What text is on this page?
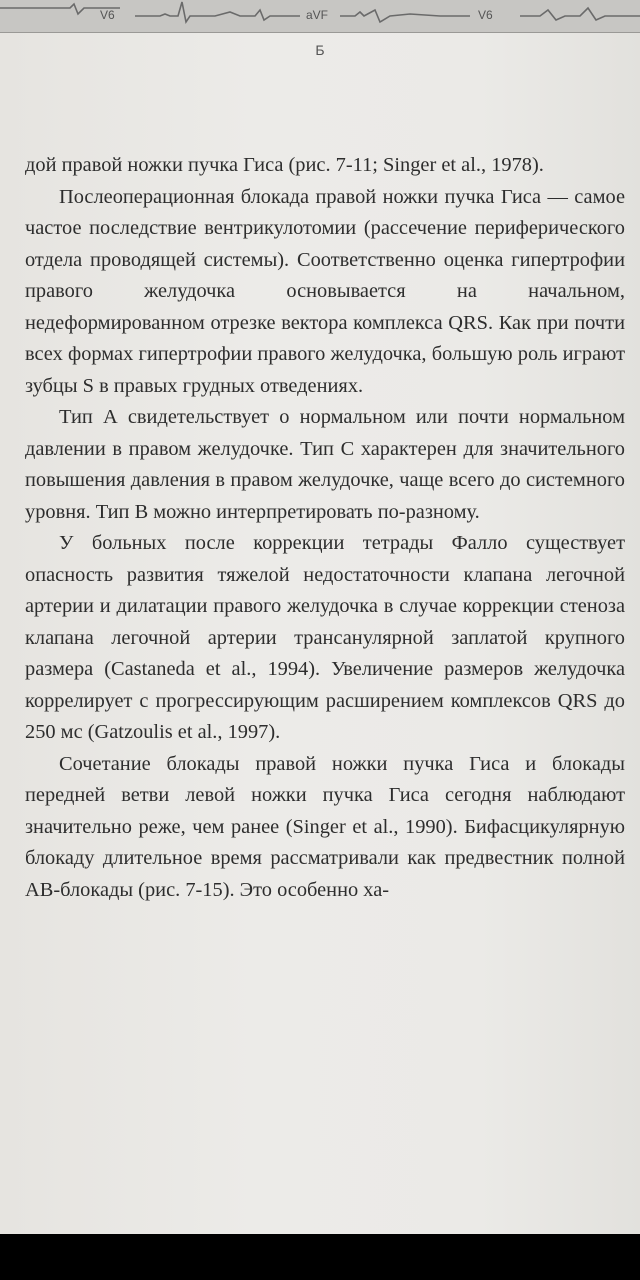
V6	aVF	V6
Б

дой правой ножки пучка Гиса (рис. 7-11; Singer et al., 1978).

Послеоперационная блокада правой ножки пучка Гиса — самое частое последствие вентрикулотомии (рассечение периферического отдела проводящей системы). Соответственно оценка гипертрофии правого желудочка основывается на начальном, недеформированном отрезке вектора комплекса QRS. Как при почти всех формах гипертрофии правого желудочка, большую роль играют зубцы S в правых грудных отведениях.

Тип А свидетельствует о нормальном или почти нормальном давлении в правом желудочке. Тип С характерен для значительного повышения давления в правом желудочке, чаще всего до системного уровня. Тип В можно интерпретировать по-разному.

У больных после коррекции тетрады Фалло существует опасность развития тяжелой недостаточности клапана легочной артерии и дилатации правого желудочка в случае коррекции стеноза клапана легочной артерии трансанулярной заплатой крупного размера (Castaneda et al., 1994). Увеличение размеров желудочка коррелирует с прогрессирующим расширением комплексов QRS до 250 мс (Gatzoulis et al., 1997).

Сочетание блокады правой ножки пучка Гиса и блокады передней ветви левой ножки пучка Гиса сегодня наблюдают значительно реже, чем ранее (Singer et al., 1990). Бифасцикулярную блокаду длительное время рассматривали как предвестник полной АВ-блокады (рис. 7-15). Это особенно ха-
